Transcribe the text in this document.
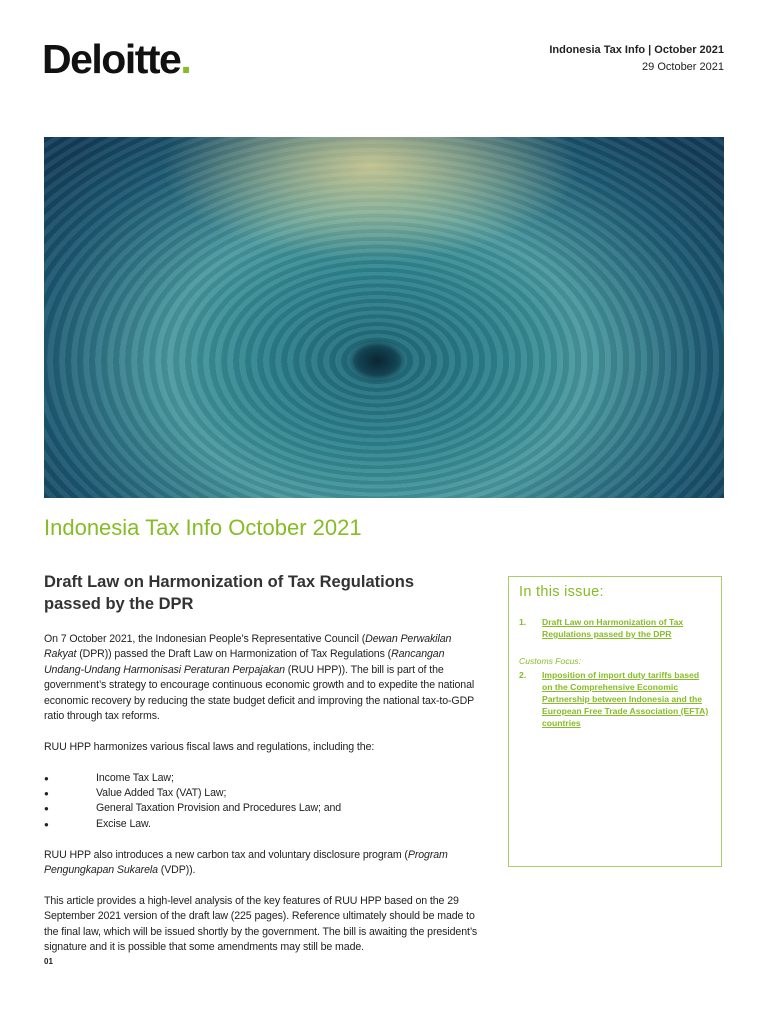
Deloitte.	Indonesia Tax Info | October 2021
29 October 2021
Indonesia Tax Info October 2021
Draft Law on Harmonization of Tax Regulations passed by the DPR

On 7 October 2021, the Indonesian People’s Representative Council (Dewan Perwakilan Rakyat (DPR)) passed the Draft Law on Harmonization of Tax Regulations (Rancangan Undang-Undang Harmonisasi Peraturan Perpajakan (RUU HPP)). The bill is part of the government’s strategy to encourage continuous economic growth and to expedite the national economic recovery by reducing the state budget deficit and improving the national tax-to-GDP ratio through tax reforms.

RUU HPP harmonizes various fiscal laws and regulations, including the:

● Income Tax Law;
● Value Added Tax (VAT) Law;
● General Taxation Provision and Procedures Law; and
● Excise Law.

RUU HPP also introduces a new carbon tax and voluntary disclosure program (Program Pengungkapan Sukarela (VDP)).

This article provides a high-level analysis of the key features of RUU HPP based on the 29 September 2021 version of the draft law (225 pages). Reference ultimately should be made to the final law, which will be issued shortly by the government. The bill is awaiting the president’s signature and it is possible that some amendments may still be made.

01
In this issue:
1.	Draft Law on Harmonization of Tax Regulations passed by the DPR
Customs Focus:
2.	Imposition of import duty tariffs based on the Comprehensive Economic Partnership between Indonesia and the European Free Trade Association (EFTA) countries
